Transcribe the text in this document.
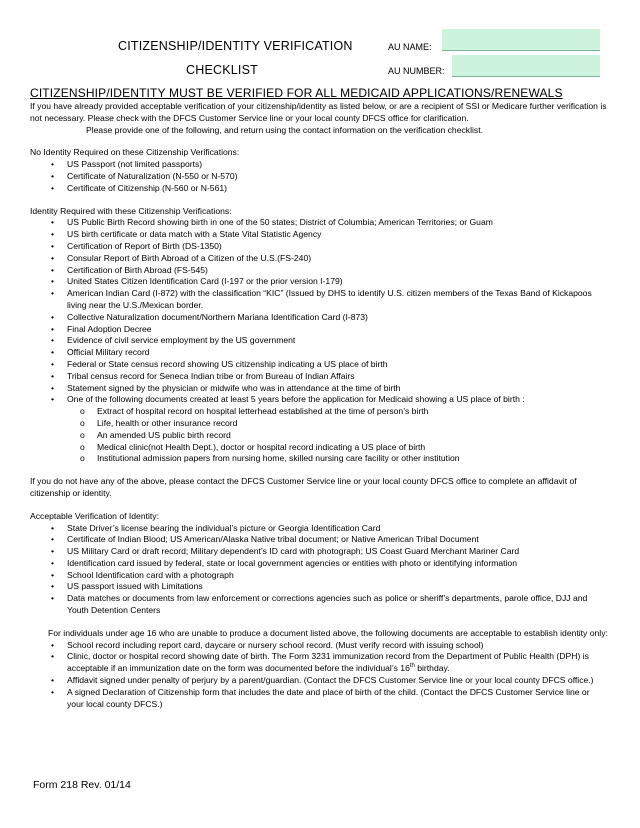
CITIZENSHIP/IDENTITY VERIFICATION
CHECKLIST
AU NAME:
AU NUMBER:
CITIZENSHIP/IDENTITY MUST BE VERIFIED FOR ALL MEDICAID APPLICATIONS/RENEWALS

If you have already provided acceptable verification of your citizenship/identity as listed below, or are a recipient of SSI or Medicare further verification is not necessary. Please check with the DFCS Customer Service line or your local county DFCS office for clarification.

Please provide one of the following, and return using the contact information on the verification checklist.

No Identity Required on these Citizenship Verifications:

• US Passport (not limited passports)
• Certificate of Naturalization (N-550 or N-570)
• Certificate of Citizenship (N-560 or N-561)

Identity Required with these Citizenship Verifications:

• US Public Birth Record showing birth in one of the 50 states; District of Columbia; American Territories; or Guam
• US birth certificate or data match with a State Vital Statistic Agency
• Certification of Report of Birth (DS-1350)
• Consular Report of Birth Abroad of a Citizen of the U.S.(FS-240)
• Certification of Birth Abroad (FS-545)
• United States Citizen Identification Card (I-197 or the prior version I-179)
• American Indian Card (I-872) with the classification “KIC” (Issued by DHS to identify U.S. citizen members of the Texas Band of Kickapoos living near the U.S./Mexican border.
• Collective Naturalization document/Northern Mariana Identification Card (I-873)
• Final Adoption Decree
• Evidence of civil service employment by the US government
• Official Military record
• Federal or State census record showing US citizenship indicating a US place of birth
• Tribal census record for Seneca Indian tribe or from Bureau of Indian Affairs
• Statement signed by the physician or midwife who was in attendance at the time of birth
• One of the following documents created at least 5 years before the application for Medicaid showing a US place of birth :
o Extract of hospital record on hospital letterhead established at the time of person’s birth
o Life, health or other insurance record
o An amended US public birth record
o Medical clinic(not Health Dept.), doctor or hospital record indicating a US place of birth
o Institutional admission papers from nursing home, skilled nursing care facility or other institution

If you do not have any of the above, please contact the DFCS Customer Service line or your local county DFCS office to complete an affidavit of citizenship or identity.

Acceptable Verification of Identity:

• State Driver’s license bearing the individual’s picture or Georgia Identification Card
• Certificate of Indian Blood; US American/Alaska Native tribal document; or Native American Tribal Document
• US Military Card or draft record; Military dependent’s ID card with photograph; US Coast Guard Merchant Mariner Card
• Identification card issued by federal, state or local government agencies or entities with photo or identifying information
• School Identification card with a photograph
• US passport issued with Limitations
• Data matches or documents from law enforcement or corrections agencies such as police or sheriff’s departments, parole office, DJJ and Youth Detention Centers

For individuals under age 16 who are unable to produce a document listed above, the following documents are acceptable to establish identity only:

• School record including report card, daycare or nursery school record. (Must verify record with issuing school)
• Clinic, doctor or hospital record showing date of birth. The Form 3231 immunization record from the Department of Public Health (DPH) is acceptable if an immunization date on the form was documented before the individual’s 16th birthday.
• Affidavit signed under penalty of perjury by a parent/guardian. (Contact the DFCS Customer Service line or your local county DFCS office.)
• A signed Declaration of Citizenship form that includes the date and place of birth of the child. (Contact the DFCS Customer Service line or your local county DFCS.)
Form 218 Rev. 01/14
